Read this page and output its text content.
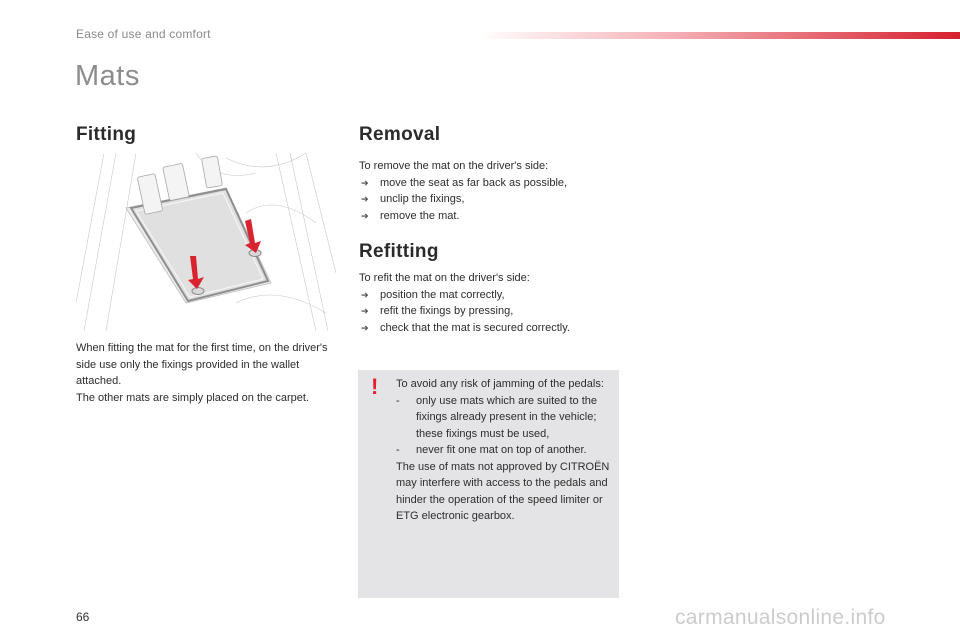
Ease of use and comfort
Mats
Fitting

When fitting the mat for the first time, on the driver's side use only the fixings provided in the wallet attached.

The other mats are simply placed on the carpet.

Removal

To remove the mat on the driver's side:

➔ move the seat as far back as possible,
➔ unclip the fixings,
➔ remove the mat.
Refitting

To refit the mat on the driver's side:

➔ position the mat correctly,
➔ refit the fixings by pressing,
➔ check that the mat is secured correctly.
! To avoid any risk of jamming of the pedals:

- only use mats which are suited to the fixings already present in the vehicle; these fixings must be used,
- never fit one mat on top of another.

The use of mats not approved by CITROËN may interfere with access to the pedals and hinder the operation of the speed limiter or ETG electronic gearbox.

66	carmanualsonline.info
